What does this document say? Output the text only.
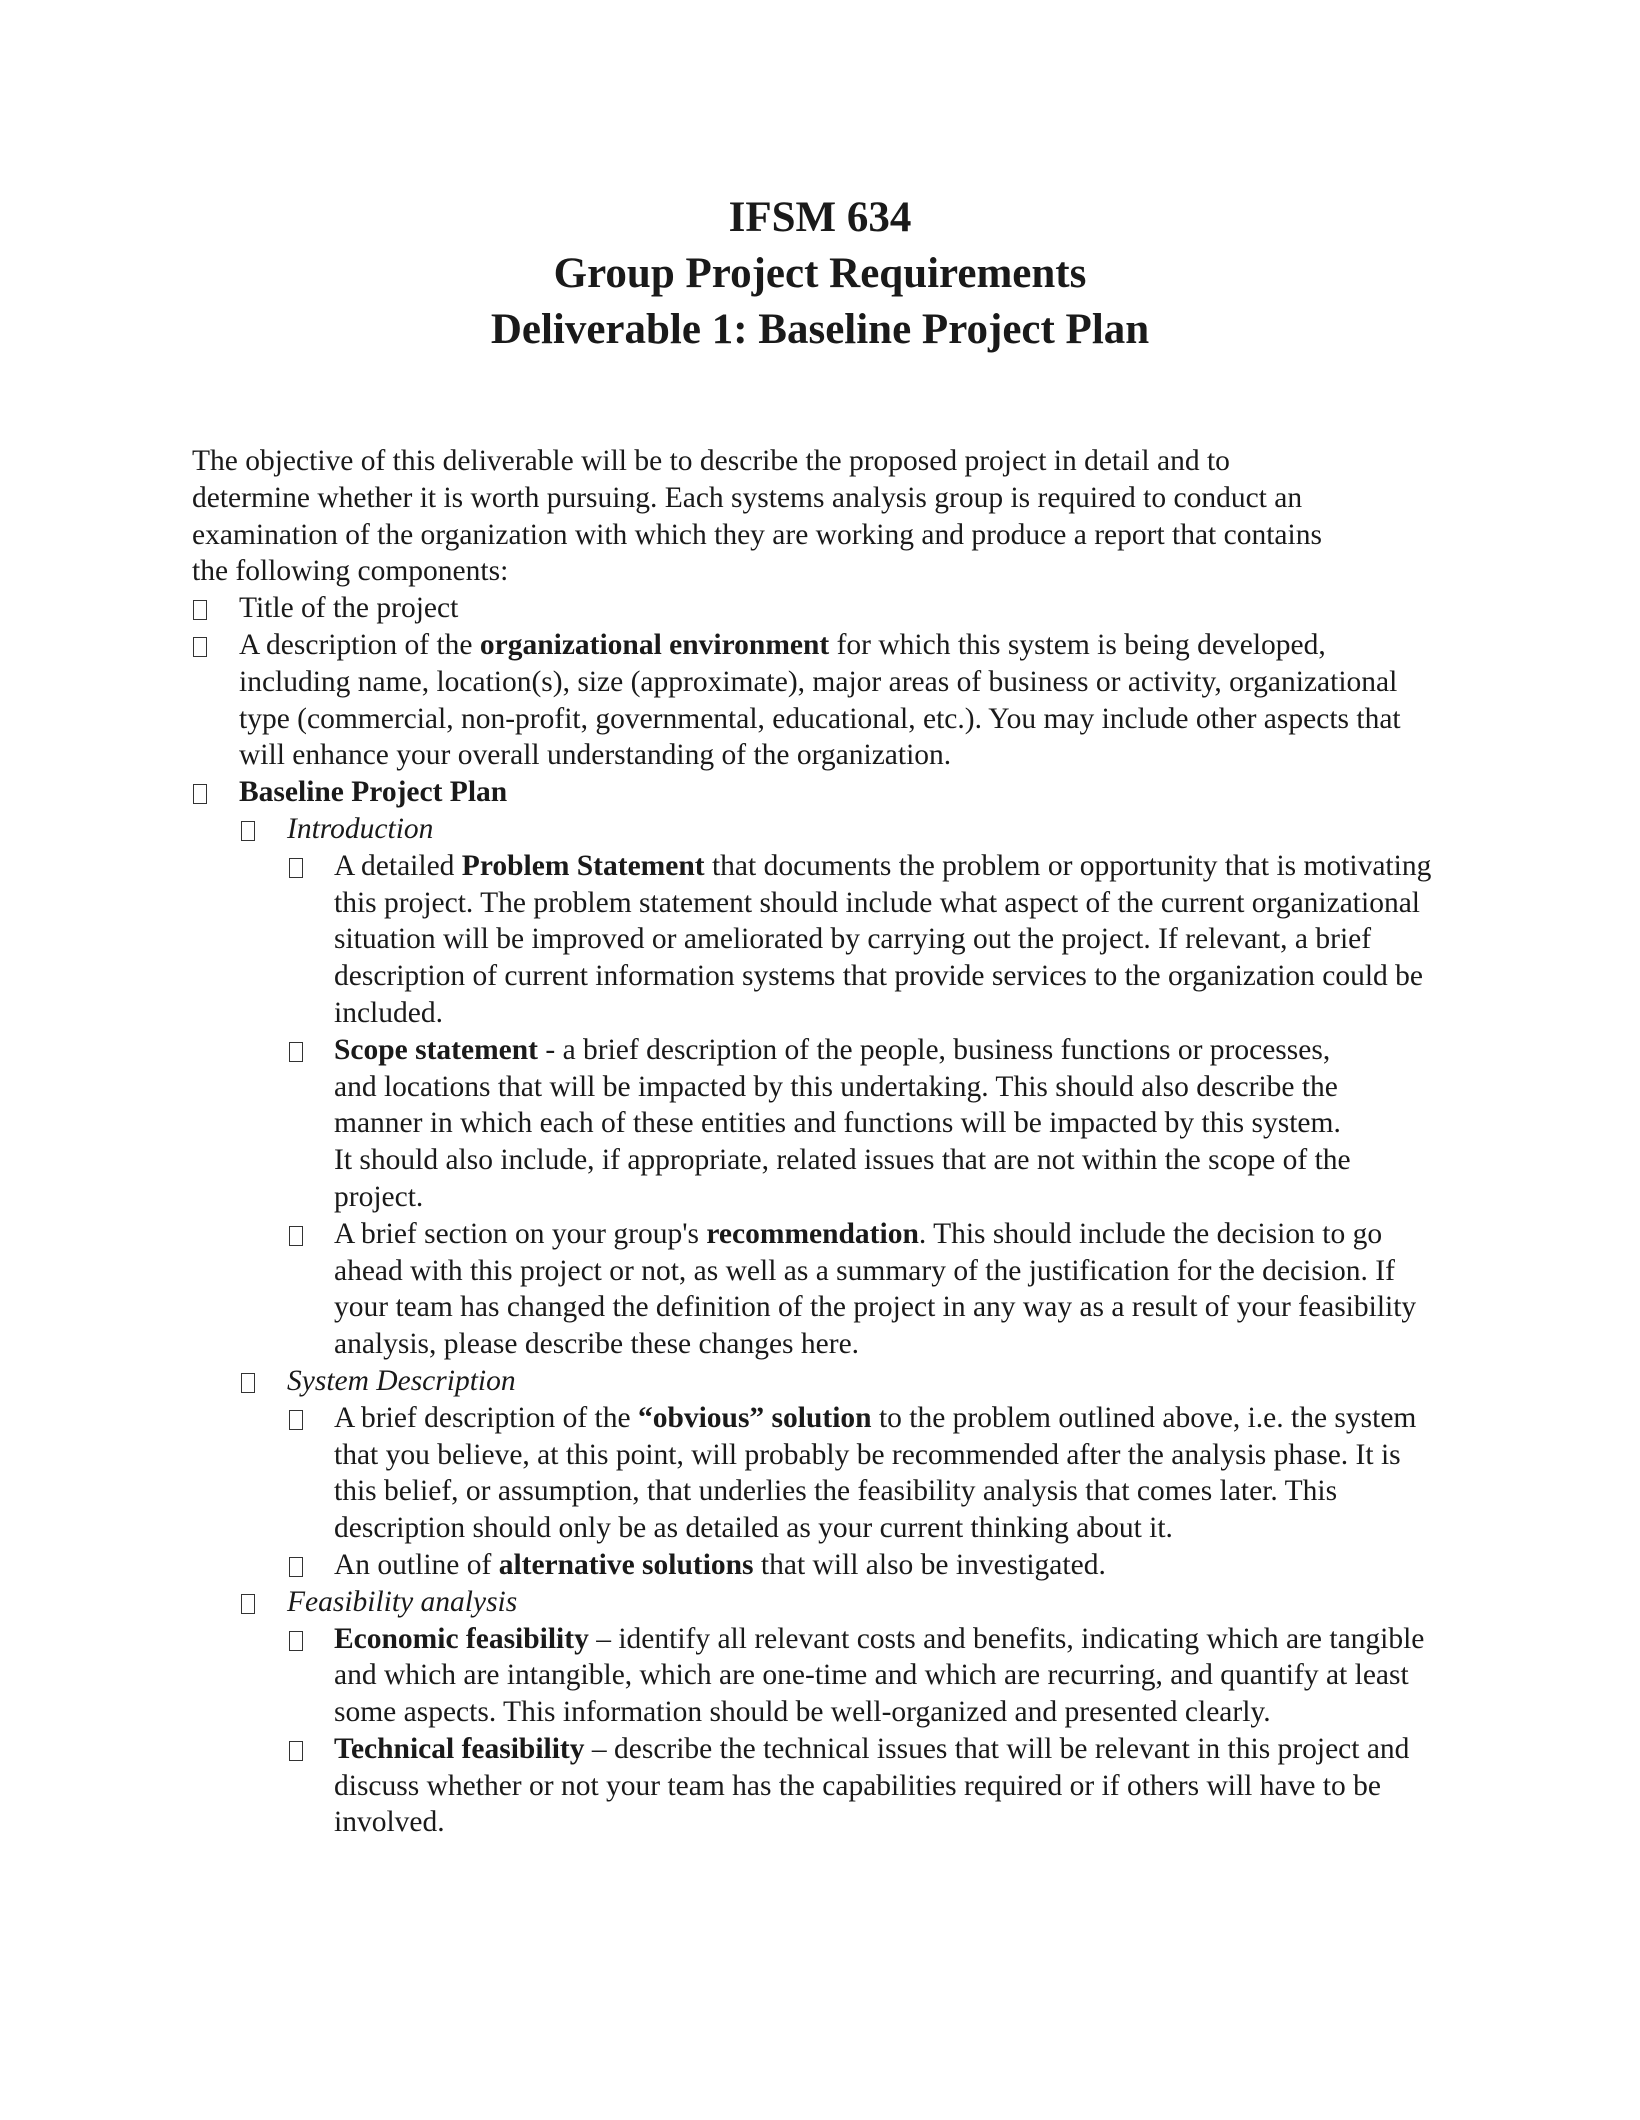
IFSM 634
Group Project Requirements
Deliverable 1: Baseline Project Plan
The objective of this deliverable will be to describe the proposed project in detail and to
determine whether it is worth pursuing. Each systems analysis group is required to conduct an
examination of the organization with which they are working and produce a report that contains
the following components:
Title of the project
A description of the organizational environment for which this system is being developed,
including name, location(s), size (approximate), major areas of business or activity, organizational
type (commercial, non-profit, governmental, educational, etc.). You may include other aspects that
will enhance your overall understanding of the organization.
Baseline Project Plan
Introduction
A detailed Problem Statement that documents the problem or opportunity that is motivating
this project. The problem statement should include what aspect of the current organizational
situation will be improved or ameliorated by carrying out the project. If relevant, a brief
description of current information systems that provide services to the organization could be
included.
Scope statement - a brief description of the people, business functions or processes,
and locations that will be impacted by this undertaking. This should also describe the
manner in which each of these entities and functions will be impacted by this system.
It should also include, if appropriate, related issues that are not within the scope of the
project.
A brief section on your group's recommendation. This should include the decision to go
ahead with this project or not, as well as a summary of the justification for the decision. If
your team has changed the definition of the project in any way as a result of your feasibility
analysis, please describe these changes here.
System Description
A brief description of the “obvious” solution to the problem outlined above, i.e. the system
that you believe, at this point, will probably be recommended after the analysis phase. It is
this belief, or assumption, that underlies the feasibility analysis that comes later. This
description should only be as detailed as your current thinking about it.
An outline of alternative solutions that will also be investigated.
Feasibility analysis
Economic feasibility – identify all relevant costs and benefits, indicating which are tangible
and which are intangible, which are one-time and which are recurring, and quantify at least
some aspects. This information should be well-organized and presented clearly.
Technical feasibility – describe the technical issues that will be relevant in this project and
discuss whether or not your team has the capabilities required or if others will have to be
involved.
